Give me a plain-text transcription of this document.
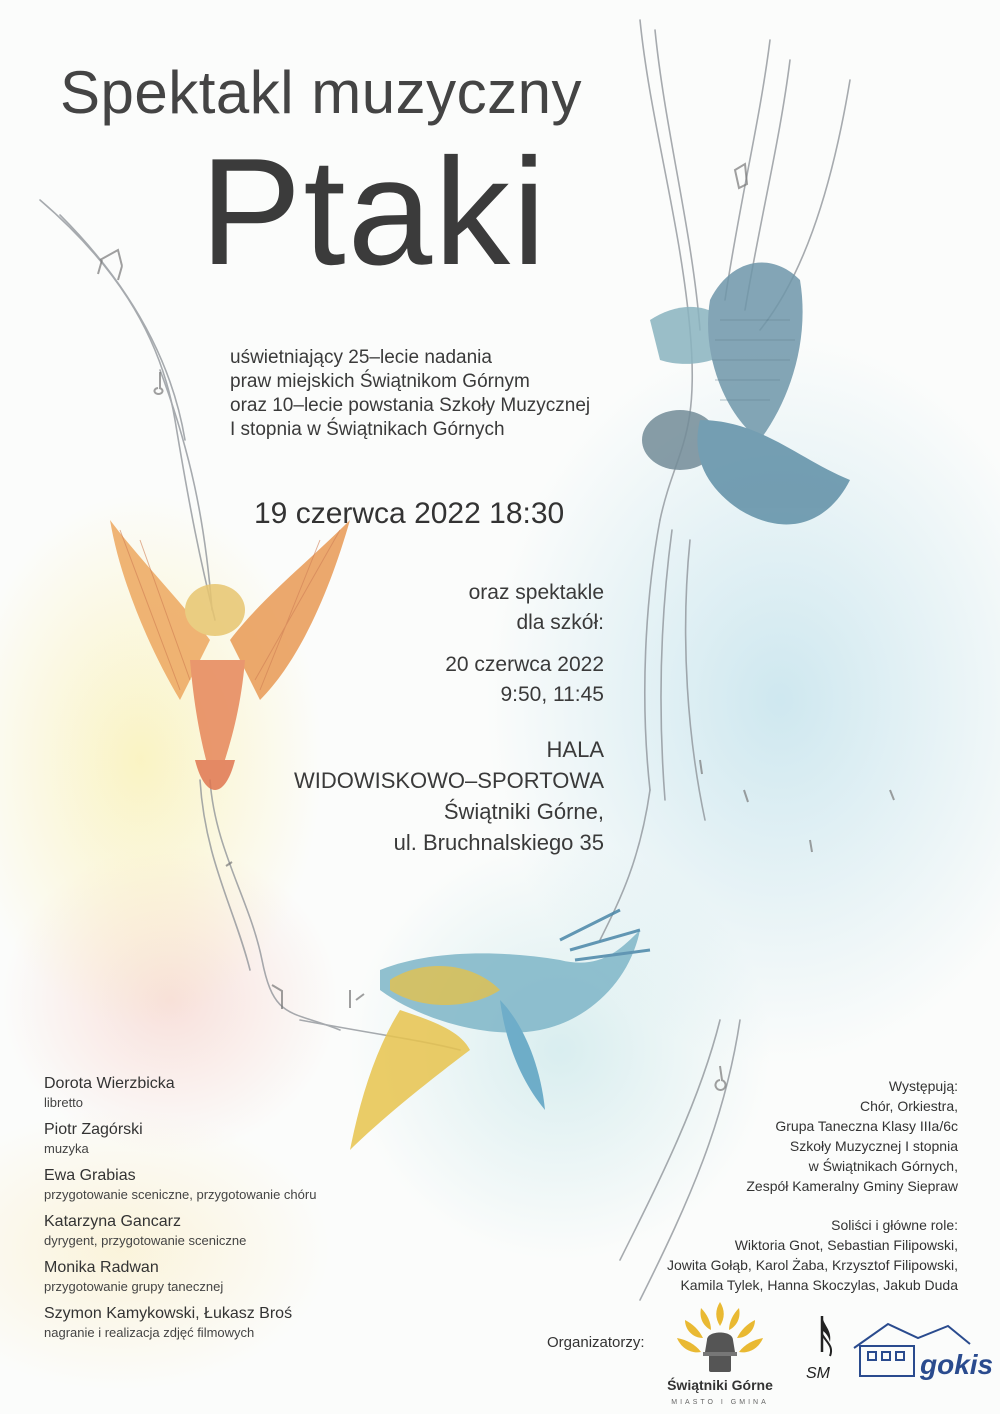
Spektakl muzyczny
Ptaki
uświetniający 25–lecie nadania
praw miejskich Świątnikom Górnym
oraz 10–lecie powstania Szkoły Muzycznej
I stopnia w Świątnikach Górnych
19 czerwca 2022 18:30
oraz spektakle
dla szkół:
20 czerwca 2022
9:50, 11:45
HALA
WIDOWISKOWO–SPORTOWA
Świątniki Górne,
ul. Bruchnalskiego 35
Dorota Wierzbicka
libretto
Piotr Zagórski
muzyka
Ewa Grabias
przygotowanie sceniczne, przygotowanie chóru
Katarzyna Gancarz
dyrygent, przygotowanie sceniczne
Monika Radwan
przygotowanie grupy tanecznej
Szymon Kamykowski, Łukasz Broś
nagranie i realizacja zdjęć filmowych
Występują:
Chór, Orkiestra,
Grupa Taneczna Klasy IIIa/6c
Szkoły Muzycznej I stopnia
w Świątnikach Górnych,
Zespół Kameralny Gminy Siepraw
Soliści i główne role:
Wiktoria Gnot, Sebastian Filipowski,
Jowita Gołąb, Karol Żaba, Krzysztof Filipowski,
Kamila Tylek, Hanna Skoczylas, Jakub Duda
Organizatorzy:
Świątniki Górne
MIASTO I GMINA
SM	gokis
